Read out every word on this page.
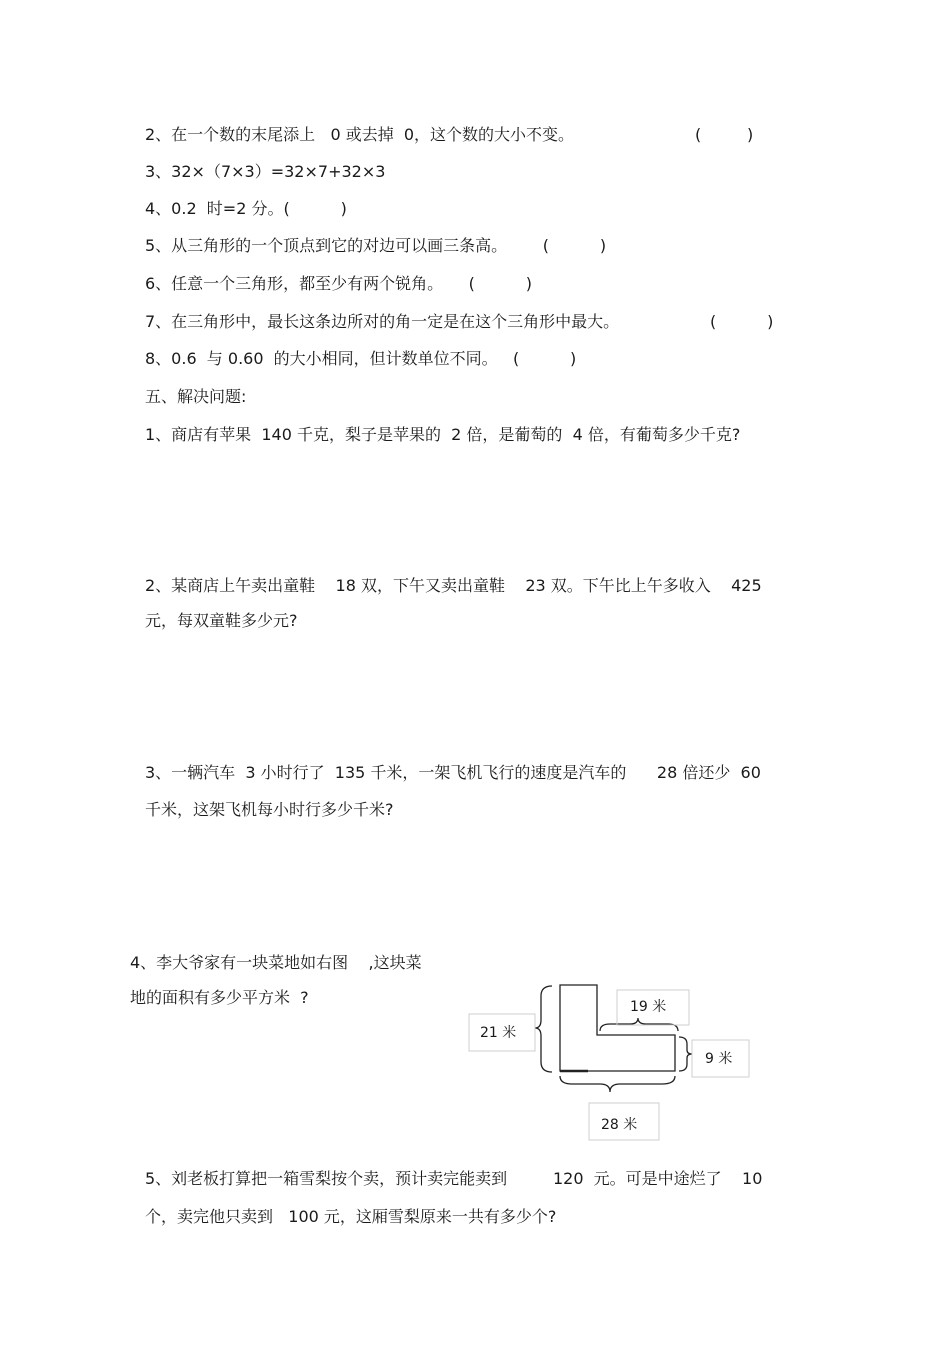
2、在一个数的末尾添上   0 或去掉  0，这个数的大小不变。	(         )
3、32×（7×3）=32×7+32×3
4、0.2  时=2 分。(          )
5、从三角形的一个顶点到它的对边可以画三条高。       (          )
6、任意一个三角形，都至少有两个锐角。     (          )
7、在三角形中，最长这条边所对的角一定是在这个三角形中最大。	(          )
8、0.6  与 0.60  的大小相同，但计数单位不同。   (          )
五、解决问题:
1、商店有苹果  140 千克，梨子是苹果的  2 倍，是葡萄的  4 倍，有葡萄多少千克?
2、某商店上午卖出童鞋    18 双，下午又卖出童鞋    23 双。下午比上午多收入    425
元，每双童鞋多少元?
3、一辆汽车  3 小时行了  135 千米，一架飞机飞行的速度是汽车的      28 倍还少  60
千米，这架飞机每小时行多少千米?
4、李大爷家有一块菜地如右图    ,这块菜
地的面积有多少平方米  ?
5、刘老板打算把一箱雪梨按个卖，预计卖完能卖到         120  元。可是中途烂了    10
个，卖完他只卖到   100 元，这厢雪梨原来一共有多少个?
21 米
19 米
9 米
28 米
